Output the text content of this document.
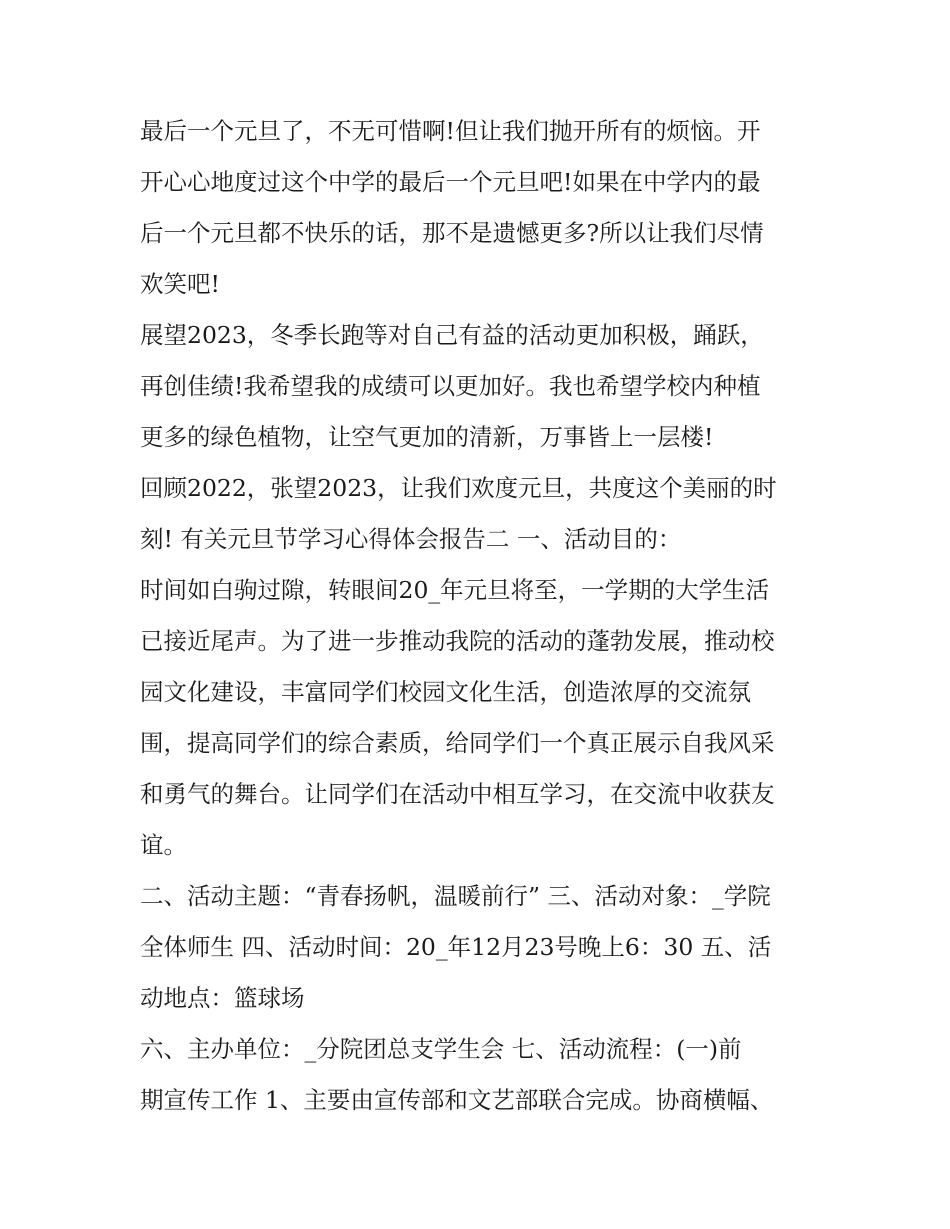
最后一个元旦了，不无可惜啊!但让我们抛开所有的烦恼。开
开心心地度过这个中学的最后一个元旦吧!如果在中学内的最
后一个元旦都不快乐的话，那不是遗憾更多?所以让我们尽情
欢笑吧!
展望2023，冬季长跑等对自己有益的活动更加积极，踊跃，
再创佳绩!我希望我的成绩可以更加好。我也希望学校内种植
更多的绿色植物，让空气更加的清新，万事皆上一层楼!
回顾2022，张望2023，让我们欢度元旦，共度这个美丽的时
刻! 有关元旦节学习心得体会报告二 一、活动目的：
时间如白驹过隙，转眼间20_年元旦将至，一学期的大学生活
已接近尾声。为了进一步推动我院的活动的蓬勃发展，推动校
园文化建设，丰富同学们校园文化生活，创造浓厚的交流氛
围，提高同学们的综合素质，给同学们一个真正展示自我风采
和勇气的舞台。让同学们在活动中相互学习，在交流中收获友
谊。
二、活动主题：“青春扬帆，温暖前行” 三、活动对象：_学院
全体师生 四、活动时间：20_年12月23号晚上6：30 五、活
动地点：篮球场
六、主办单位：_分院团总支学生会 七、活动流程：(一)前
期宣传工作 1、主要由宣传部和文艺部联合完成。协商横幅、
